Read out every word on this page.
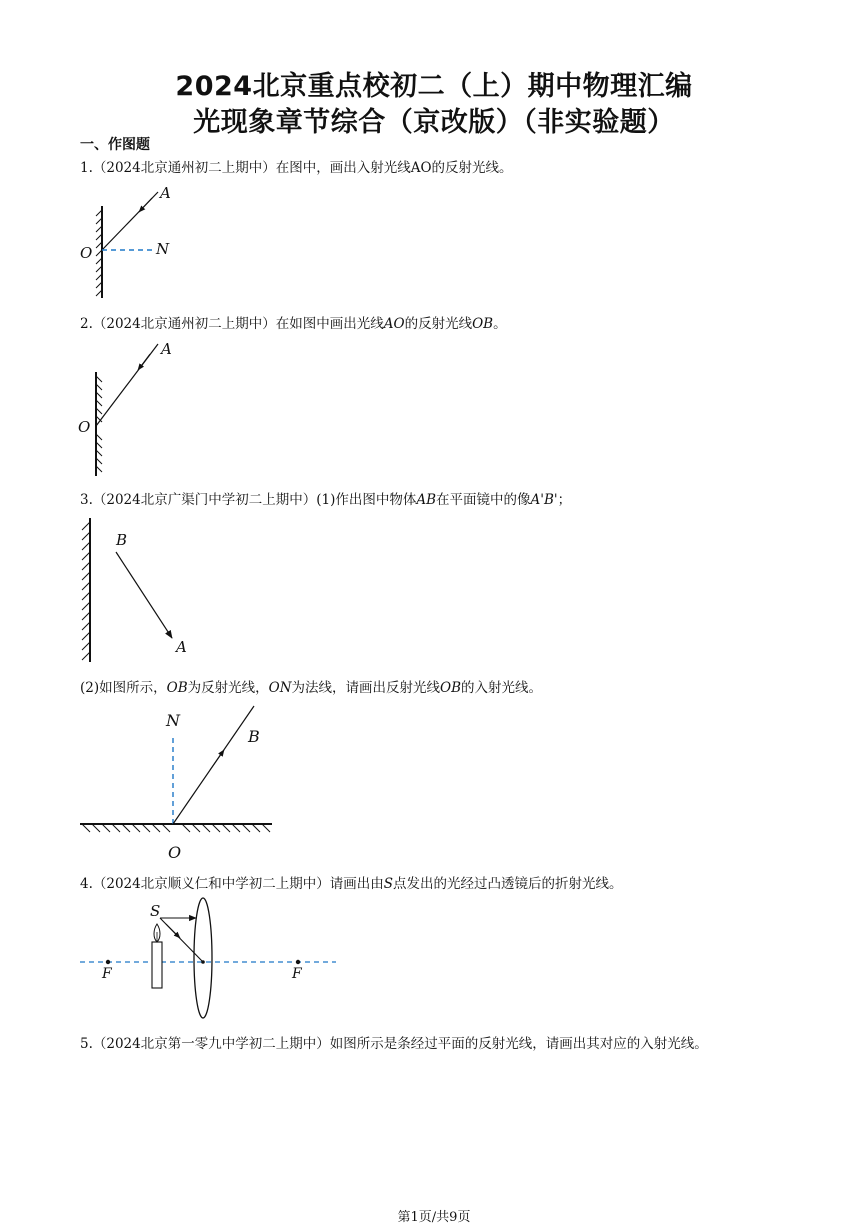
2024北京重点校初二（上）期中物理汇编
光现象章节综合（京改版）（非实验题）
一、作图题
1.（2024北京通州初二上期中）在图中，画出入射光线AO的反射光线。
A
O	N
2.（2024北京通州初二上期中）在如图中画出光线AO的反射光线OB。
A
O
3.（2024北京广渠门中学初二上期中）(1)作出图中物体AB在平面镜中的像A'B'；
B
A
(2)如图所示，OB为反射光线，ON为法线，请画出反射光线OB的入射光线。
N
B
O
4.（2024北京顺义仁和中学初二上期中）请画出由S点发出的光经过凸透镜后的折射光线。
S
F	F
5.（2024北京第一零九中学初二上期中）如图所示是条经过平面的反射光线，请画出其对应的入射光线。
第1页/共9页
